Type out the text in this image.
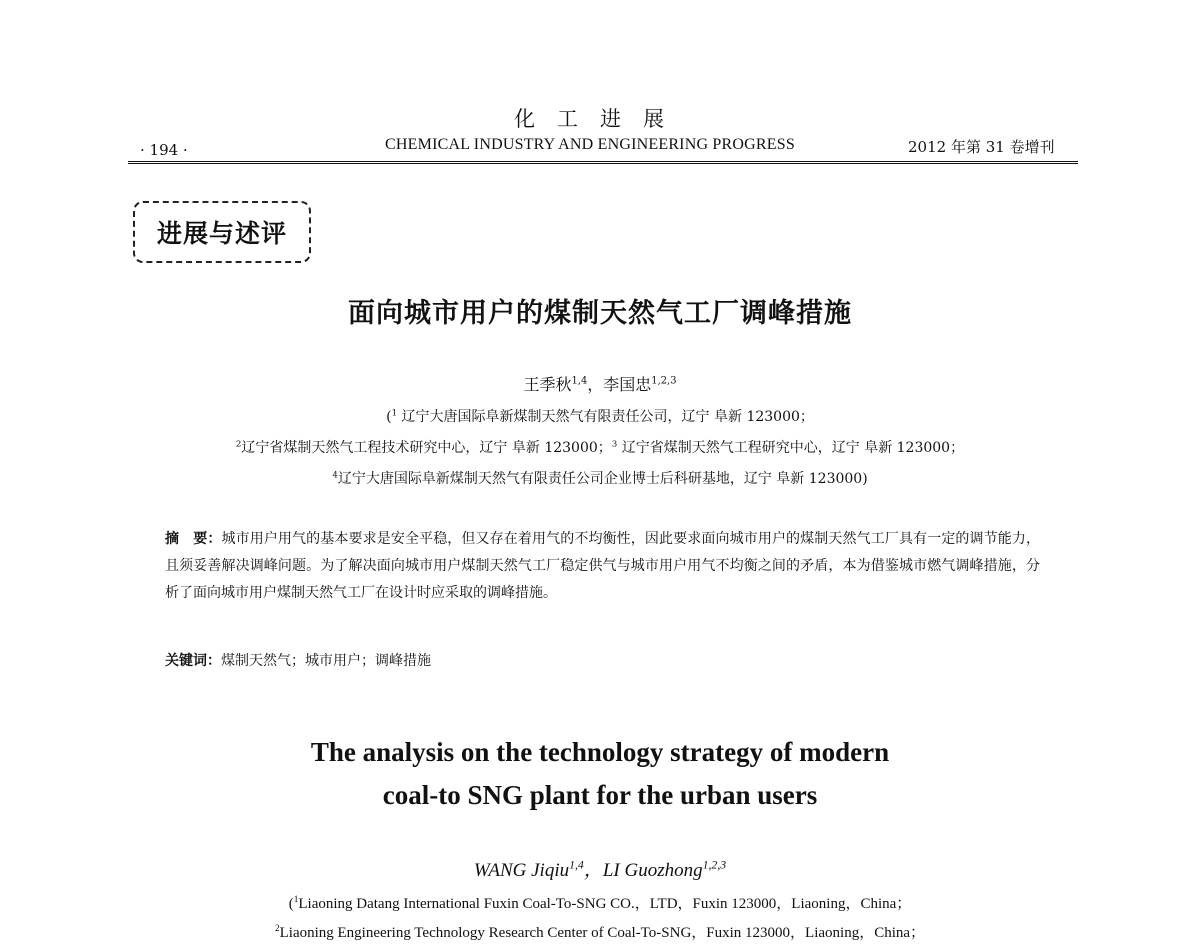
化工进展
· 194 ·	CHEMICAL INDUSTRY AND ENGINEERING PROGRESS	2012 年第 31 卷增刊
进展与述评
面向城市用户的煤制天然气工厂调峰措施
王季秋$^{1,4}$，李国忠$^{1,2,3}$
($^1$ 辽宁大唐国际阜新煤制天然气有限责任公司，辽宁 阜新 123000；
$^2$辽宁省煤制天然气工程技术研究中心，辽宁 阜新 123000；$^3$ 辽宁省煤制天然气工程研究中心，辽宁 阜新 123000；
$^4$辽宁大唐国际阜新煤制天然气有限责任公司企业博士后科研基地，辽宁 阜新 123000)
摘　要：城市用户用气的基本要求是安全平稳，但又存在着用气的不均衡性，因此要求面向城市用户的煤制天然气工厂具有一定的调节能力，且须妥善解决调峰问题。为了解决面向城市用户煤制天然气工厂稳定供气与城市用户用气不均衡之间的矛盾，本为借鉴城市燃气调峰措施，分析了面向城市用户煤制天然气工厂在设计时应采取的调峰措施。
关键词：煤制天然气；城市用户；调峰措施
The analysis on the technology strategy of modern
coal-to SNG plant for the urban users
WANG Jiqiu$^{1,4}$，LI Guozhong$^{1,2,3}$
($^1$Liaoning Datang International Fuxin Coal-To-SNG CO.，LTD，Fuxin 123000，Liaoning，China；
$^2$Liaoning Engineering Technology Research Center of Coal-To-SNG，Fuxin 123000，Liaoning，China；
